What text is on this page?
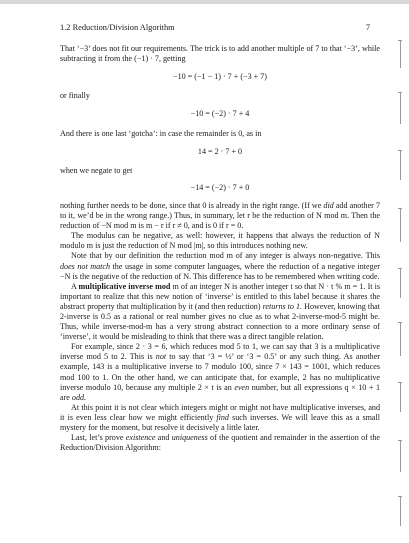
1.2 Reduction/Division Algorithm	7

That ‘−3’ does not fit our requirements. The trick is to add another multiple of 7 to that ‘−3’, while subtracting it from the (−1) · 7, getting

−10 = (−1 − 1) · 7 + (−3 + 7)

or finally

−10 = (−2) · 7 + 4

And there is one last ‘gotcha’: in case the remainder is 0, as in

14 = 2 · 7 + 0

when we negate to get

−14 = (−2) · 7 + 0

nothing further needs to be done, since that 0 is already in the right range. (If we did add another 7 to it, we’d be in the wrong range.) Thus, in summary, let r be the reduction of N mod m. Then the reduction of −N mod m is m − r if r ≠ 0, and is 0 if r = 0.

The modulus can be negative, as well: however, it happens that always the reduction of N modulo m is just the reduction of N mod |m|, so this introduces nothing new.

Note that by our definition the reduction mod m of any integer is always non-negative. This does not match the usage in some computer languages, where the reduction of a negative integer −N is the negative of the reduction of N. This difference has to be remembered when writing code.

A multiplicative inverse mod m of an integer N is another integer t so that N · t % m = 1. It is important to realize that this new notion of ‘inverse’ is entitled to this label because it shares the abstract property that multiplication by it (and then reduction) returns to 1. However, knowing that 2-inverse is 0.5 as a rational or real number gives no clue as to what 2-inverse-mod-5 might be. Thus, while inverse-mod-m has a very strong abstract connection to a more ordinary sense of ‘inverse’, it would be misleading to think that there was a direct tangible relation.

For example, since 2 · 3 = 6, which reduces mod 5 to 1, we can say that 3 is a multiplicative inverse mod 5 to 2. This is not to say that ‘3 = ½’ or ‘3 = 0.5’ or any such thing. As another example, 143 is a multiplicative inverse to 7 modulo 100, since 7 × 143 = 1001, which reduces mod 100 to 1. On the other hand, we can anticipate that, for example, 2 has no multiplicative inverse modulo 10, because any multiple 2 × t is an even number, but all expressions q × 10 + 1 are odd.

At this point it is not clear which integers might or might not have multiplicative inverses, and it is even less clear how we might efficiently find such inverses. We will leave this as a small mystery for the moment, but resolve it decisively a little later.

Last, let’s prove existence and uniqueness of the quotient and remainder in the assertion of the Reduction/Division Algorithm:
